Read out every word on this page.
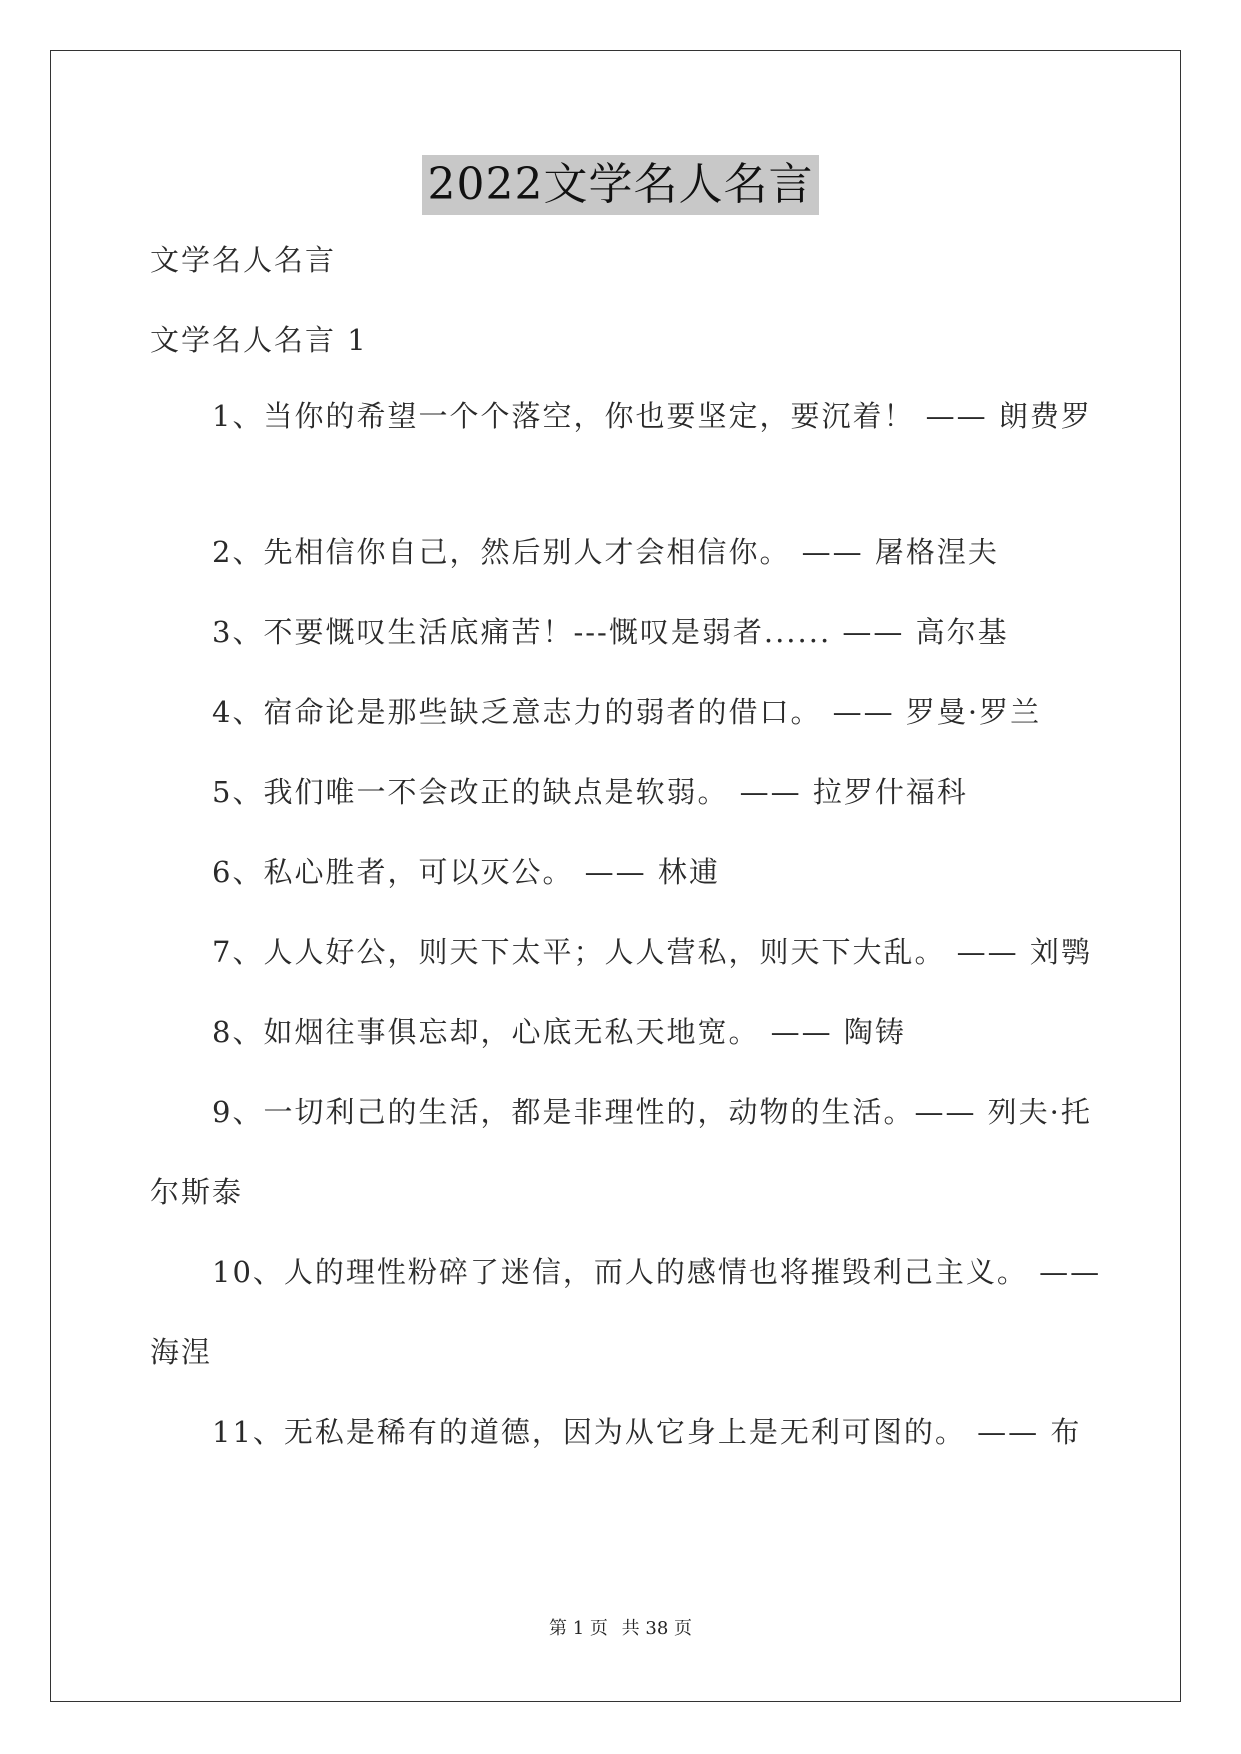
2022文学名人名言
文学名人名言
文学名人名言 1
1、当你的希望一个个落空，你也要坚定，要沉着！ —— 朗费罗
2、先相信你自己，然后别人才会相信你。 —— 屠格涅夫
3、不要慨叹生活底痛苦！---慨叹是弱者...... —— 高尔基
4、宿命论是那些缺乏意志力的弱者的借口。 —— 罗曼·罗兰
5、我们唯一不会改正的缺点是软弱。 —— 拉罗什福科
6、私心胜者，可以灭公。 —— 林逋
7、人人好公，则天下太平；人人营私，则天下大乱。 —— 刘鹗
8、如烟往事俱忘却，心底无私天地宽。 —— 陶铸
9、一切利己的生活，都是非理性的，动物的生活。—— 列夫·托
尔斯泰
10、人的理性粉碎了迷信，而人的感情也将摧毁利己主义。 ——
海涅
11、无私是稀有的道德，因为从它身上是无利可图的。 —— 布
第 1 页 共 38 页
